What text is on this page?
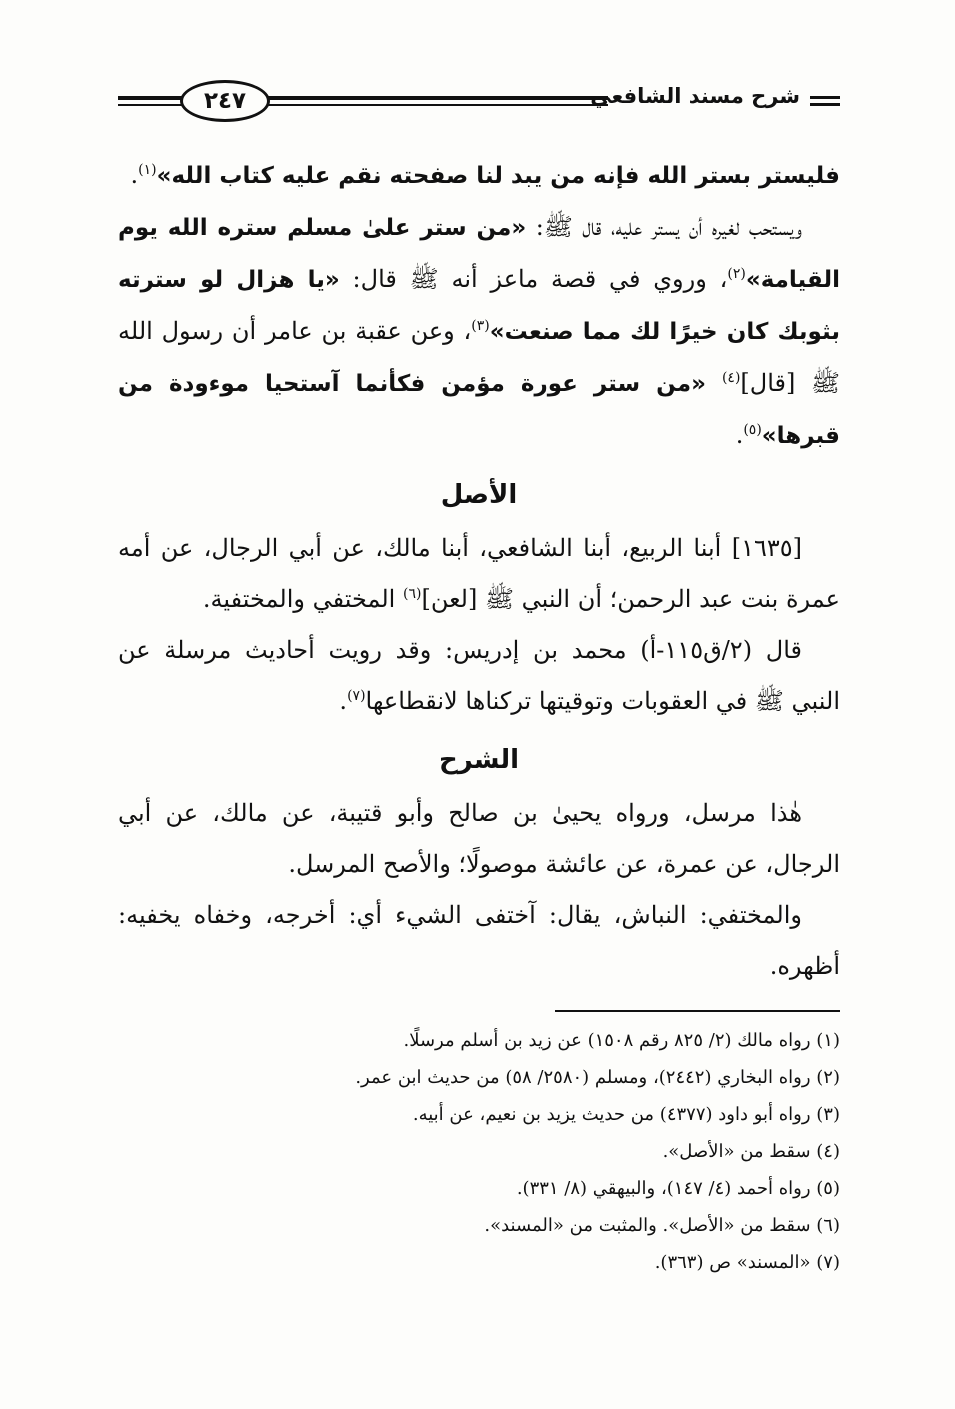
شرح مسند الشافعي
٢٤٧

فليستر بستر الله فإنه من يبد لنا صفحته نقم عليه كتاب الله»$^{(١)}$.

ويستحب لغيره أن يستر عليه، قال ﷺ: «من ستر علىٰ مسلم ستره الله يوم القيامة»$^{(٢)}$، وروي في قصة ماعز أنه ﷺ قال: «يا هزال لو سترته بثوبك كان خيرًا لك مما صنعت»$^{(٣)}$، وعن عقبة بن عامر أن رسول الله ﷺ [قال]$^{(٤)}$ «من ستر عورة مؤمن فكأنما آستحيا موءودة من قبرها»$^{(٥)}$.

الأصل

[١٦٣٥] أبنا الربيع، أبنا الشافعي، أبنا مالك، عن أبي الرجال، عن أمه عمرة بنت عبد الرحمن؛ أن النبي ﷺ [لعن]$^{(٦)}$ المختفي والمختفية.

قال (٢/ق١١٥-أ) محمد بن إدريس: وقد رويت أحاديث مرسلة عن النبي ﷺ في العقوبات وتوقيتها تركناها لانقطاعها$^{(٧)}$.

الشرح

هٰذا مرسل، ورواه يحيىٰ بن صالح وأبو قتيبة، عن مالك، عن أبي الرجال، عن عمرة، عن عائشة موصولًا؛ والأصح المرسل.

والمختفي: النباش، يقال: آختفى الشيء أي: أخرجه، وخفاه يخفيه: أظهره.

(١) رواه مالك (٢/ ٨٢٥ رقم ١٥٠٨) عن زيد بن أسلم مرسلًا.
(٢) رواه البخاري (٢٤٤٢)، ومسلم (٢٥٨٠/ ٥٨) من حديث ابن عمر.
(٣) رواه أبو داود (٤٣٧٧) من حديث يزيد بن نعيم، عن أبيه.
(٤) سقط من «الأصل».
(٥) رواه أحمد (٤/ ١٤٧)، والبيهقي (٨/ ٣٣١).
(٦) سقط من «الأصل». والمثبت من «المسند».
(٧) «المسند» ص (٣٦٣).
